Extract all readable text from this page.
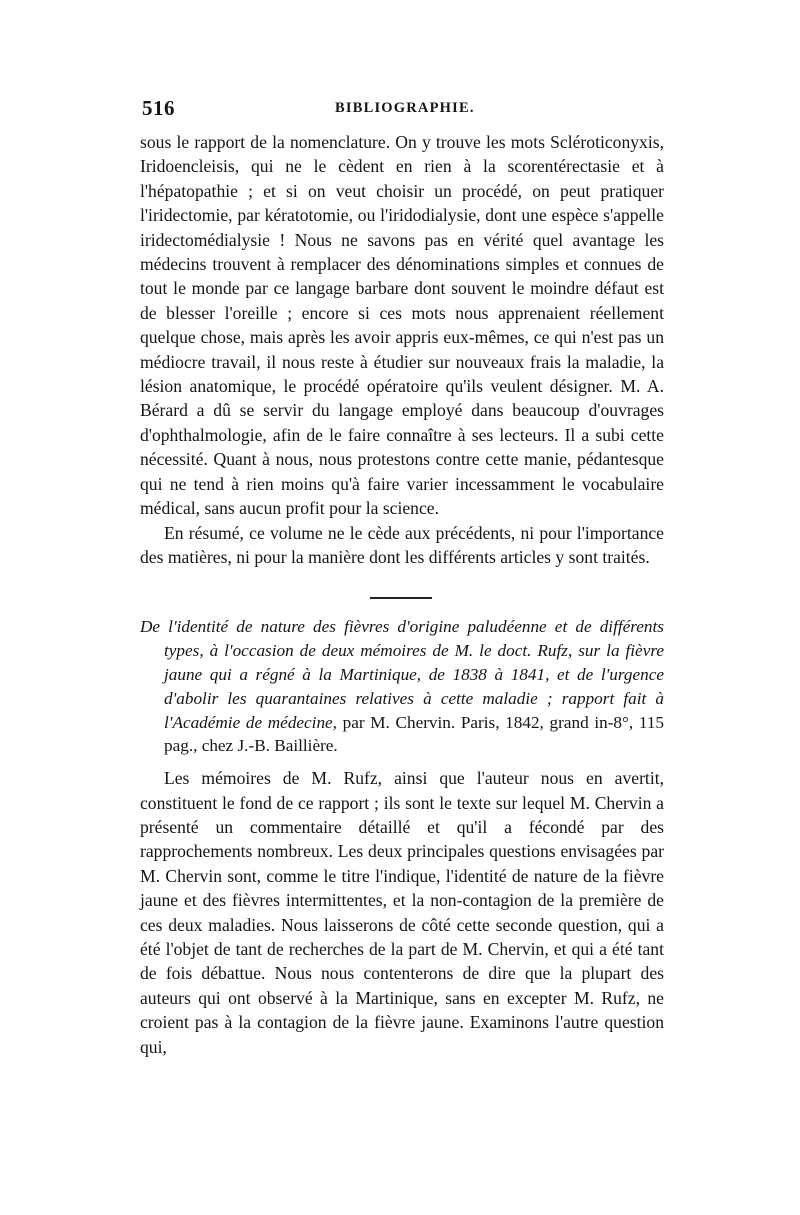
516	BIBLIOGRAPHIE.

sous le rapport de la nomenclature. On y trouve les mots Scléroticonyxis, Iridoencleisis, qui ne le cèdent en rien à la scorentérectasie et à l'hépatopathie ; et si on veut choisir un procédé, on peut pratiquer l'iridectomie, par kératotomie, ou l'iridodialysie, dont une espèce s'appelle iridectomédialysie ! Nous ne savons pas en vérité quel avantage les médecins trouvent à remplacer des dénominations simples et connues de tout le monde par ce langage barbare dont souvent le moindre défaut est de blesser l'oreille ; encore si ces mots nous apprenaient réellement quelque chose, mais après les avoir appris eux-mêmes, ce qui n'est pas un médiocre travail, il nous reste à étudier sur nouveaux frais la maladie, la lésion anatomique, le procédé opératoire qu'ils veulent désigner. M. A. Bérard a dû se servir du langage employé dans beaucoup d'ouvrages d'ophthalmologie, afin de le faire connaître à ses lecteurs. Il a subi cette nécessité. Quant à nous, nous protestons contre cette manie, pédantesque qui ne tend à rien moins qu'à faire varier incessamment le vocabulaire médical, sans aucun profit pour la science.

En résumé, ce volume ne le cède aux précédents, ni pour l'importance des matières, ni pour la manière dont les différents articles y sont traités.

De l'identité de nature des fièvres d'origine paludéenne et de différents types, à l'occasion de deux mémoires de M. le doct. Rufz, sur la fièvre jaune qui a régné à la Martinique, de 1838 à 1841, et de l'urgence d'abolir les quarantaines relatives à cette maladie ; rapport fait à l'Académie de médecine, par M. Chervin. Paris, 1842, grand in-8°, 115 pag., chez J.-B. Baillière.

Les mémoires de M. Rufz, ainsi que l'auteur nous en avertit, constituent le fond de ce rapport ; ils sont le texte sur lequel M. Chervin a présenté un commentaire détaillé et qu'il a fécondé par des rapprochements nombreux. Les deux principales questions envisagées par M. Chervin sont, comme le titre l'indique, l'identité de nature de la fièvre jaune et des fièvres intermittentes, et la non-contagion de la première de ces deux maladies. Nous laisserons de côté cette seconde question, qui a été l'objet de tant de recherches de la part de M. Chervin, et qui a été tant de fois débattue. Nous nous contenterons de dire que la plupart des auteurs qui ont observé à la Martinique, sans en excepter M. Rufz, ne croient pas à la contagion de la fièvre jaune. Examinons l'autre question qui,
